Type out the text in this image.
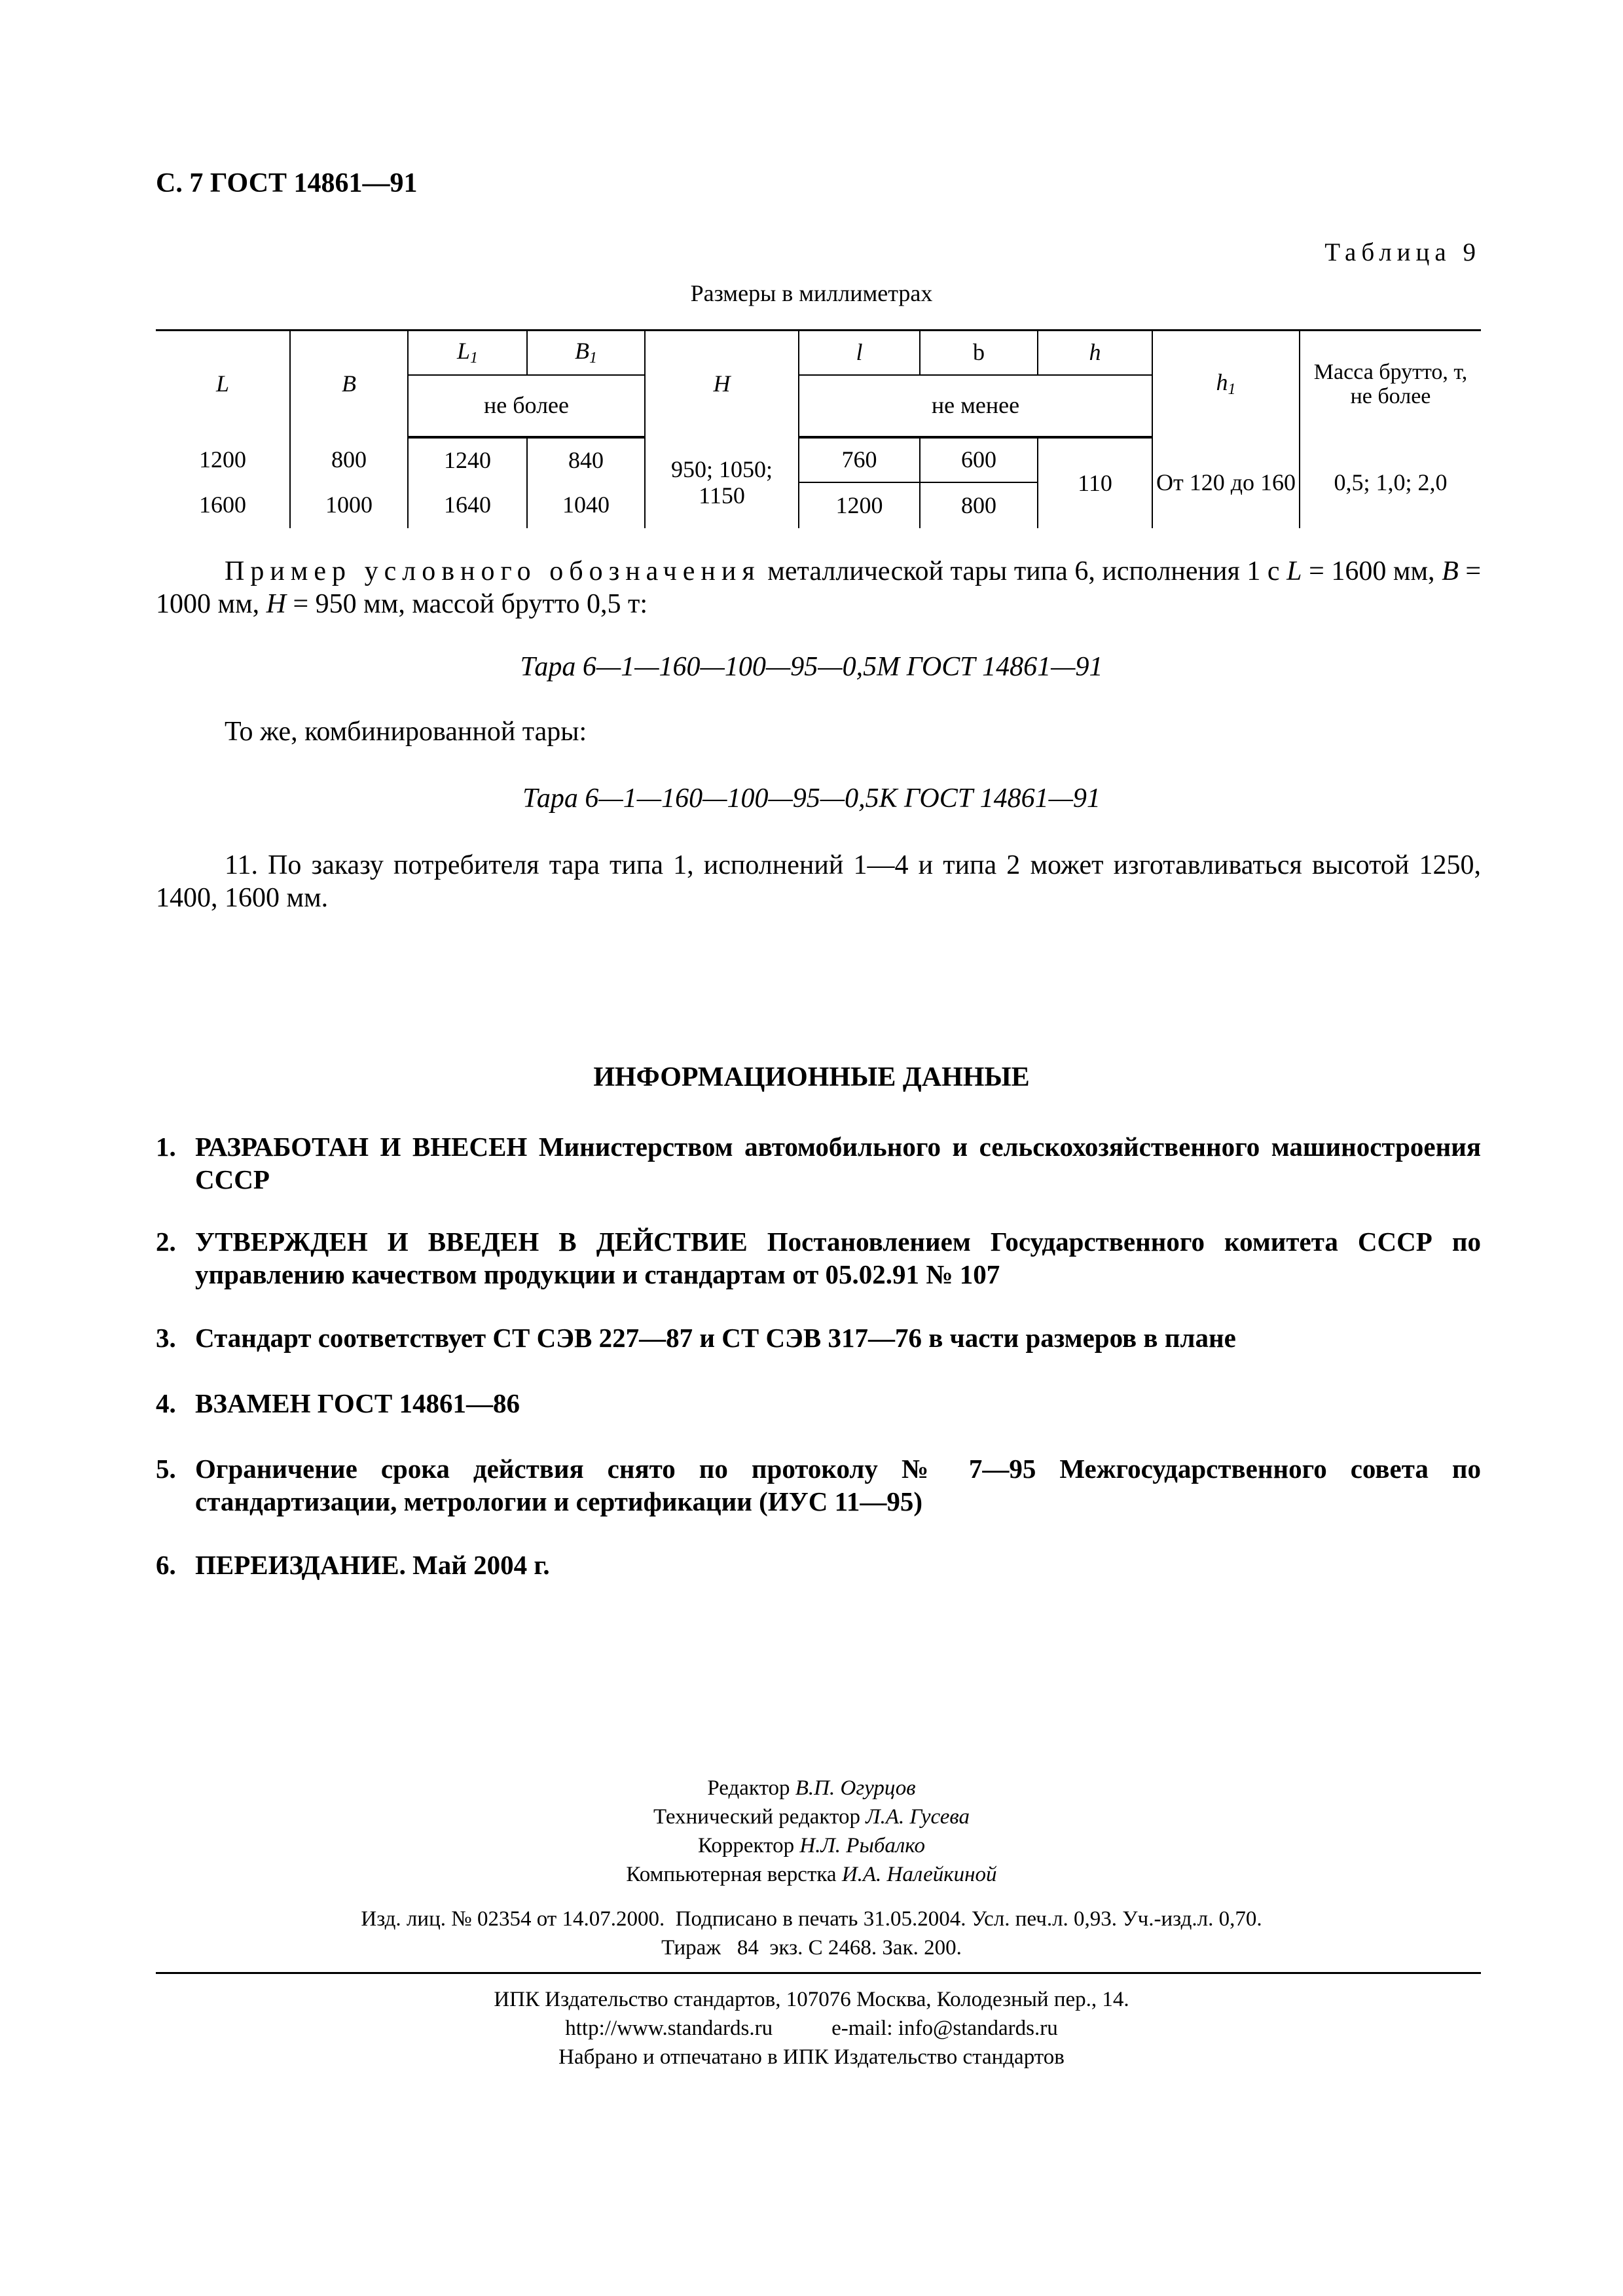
С. 7 ГОСТ 14861—91
Таблица 9
Размеры в миллиметрах
L	B	$L_1$	$B_1$	H	l	b	h	$h_1$	Масса брутто, т, не более
		не более			не менее				
1200	800	1240	840	950; 1050; 1150	760	600	110	От 120 до 160	0,5; 1,0; 2,0
1600	1000	1640	1040		1200	800			
Пример условного обозначения металлической тары типа 6, исполнения 1 с L = 1600 мм, B = 1000 мм, H = 950 мм, массой брутто 0,5 т:
Тара 6—1—160—100—95—0,5М ГОСТ 14861—91
То же, комбинированной тары:
Тара 6—1—160—100—95—0,5К ГОСТ 14861—91
11. По заказу потребителя тара типа 1, исполнений 1—4 и типа 2 может изготавливаться высотой 1250, 1400, 1600 мм.
ИНФОРМАЦИОННЫЕ ДАННЫЕ
1. РАЗРАБОТАН И ВНЕСЕН Министерством автомобильного и сельскохозяйственного машиностроения СССР
2. УТВЕРЖДЕН И ВВЕДЕН В ДЕЙСТВИЕ Постановлением Государственного комитета СССР по управлению качеством продукции и стандартам от 05.02.91 № 107
3. Стандарт соответствует СТ СЭВ 227—87 и СТ СЭВ 317—76 в части размеров в плане
4. ВЗАМЕН ГОСТ 14861—86
5. Ограничение срока действия снято по протоколу № 7—95 Межгосударственного совета по стандартизации, метрологии и сертификации (ИУС 11—95)
6. ПЕРЕИЗДАНИЕ. Май 2004 г.
Редактор В.П. Огурцов
Технический редактор Л.А. Гусева
Корректор Н.Л. Рыбалко
Компьютерная верстка И.А. Налейкиной
Изд. лиц. № 02354 от 14.07.2000.  Подписано в печать 31.05.2004. Усл. печ.л. 0,93. Уч.-изд.л. 0,70.
Тираж   84  экз. С 2468. Зак. 200.
ИПК Издательство стандартов, 107076 Москва, Колодезный пер., 14.
http://www.standards.ru	e-mail: info@standards.ru
Набрано и отпечатано в ИПК Издательство стандартов
